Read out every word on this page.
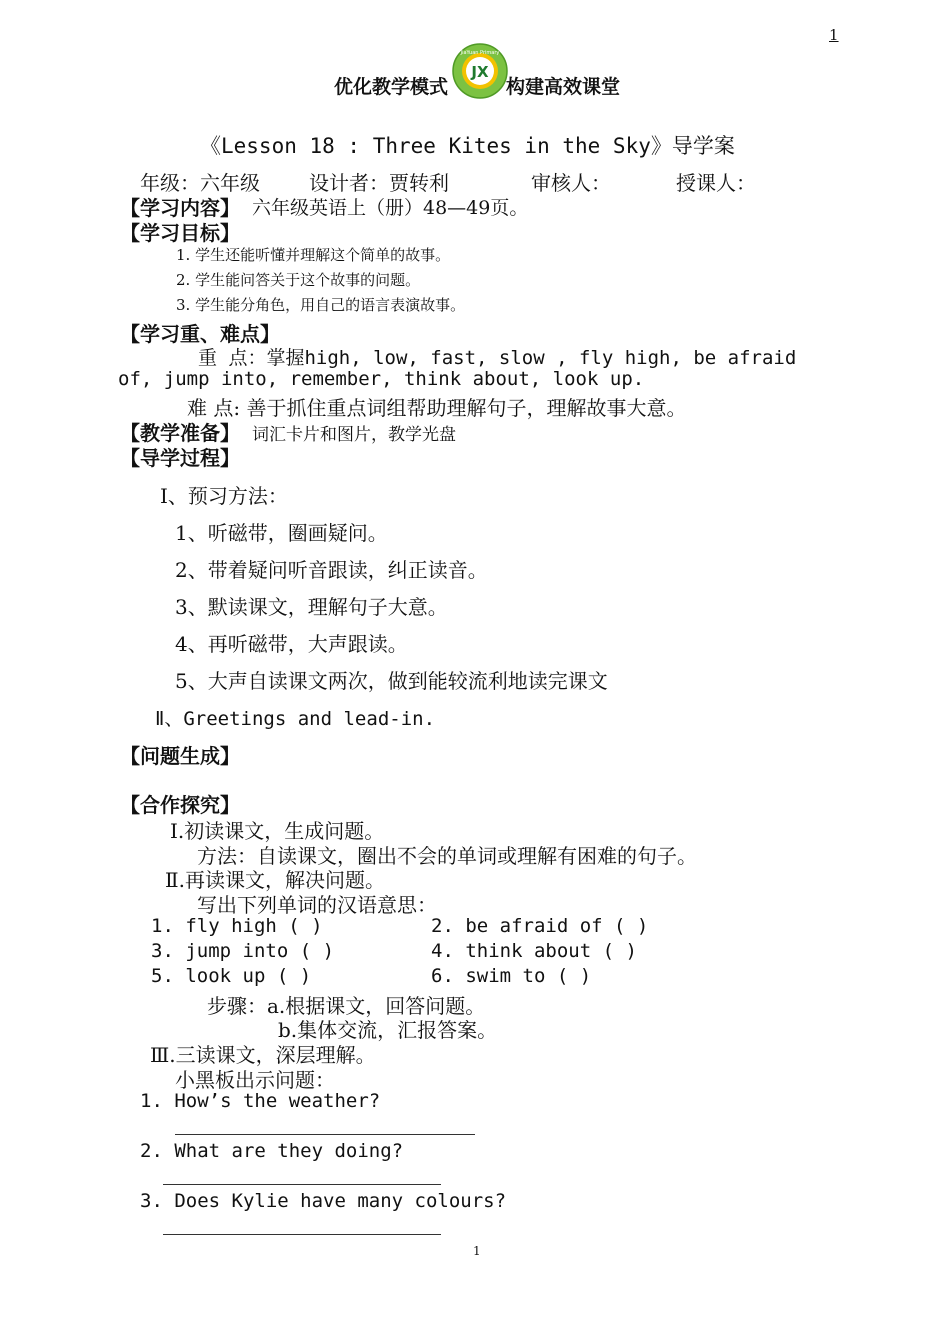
1
优化教学模式
JX
JiaYuan Primary
构建高效课堂
《Lesson 18 : Three Kites in the Sky》导学案
年级：六年级 设计者：贾转利	审核人：	授课人：
【学习内容】 六年级英语上（册）48—49页。
【学习目标】
1. 学生还能听懂并理解这个简单的故事。
2. 学生能问答关于这个故事的问题。
3. 学生能分角色，用自己的语言表演故事。
【学习重、难点】
重 点：掌握high, low, fast, slow , fly high, be afraid
of, jump into, remember, think about, look up.
难 点: 善于抓住重点词组帮助理解句子，理解故事大意。
【教学准备】 词汇卡片和图片，教学光盘
【导学过程】
Ⅰ、预习方法：
1、听磁带，圈画疑问。
2、带着疑问听音跟读，纠正读音。
3、默读课文，理解句子大意。
4、再听磁带，大声跟读。
5、大声自读课文两次，做到能较流利地读完课文
Ⅱ、Greetings and lead-in.
【问题生成】
【合作探究】
Ⅰ.初读课文，生成问题。
方法：自读课文，圈出不会的单词或理解有困难的句子。
Ⅱ.再读课文，解决问题。
写出下列单词的汉语意思：
1. fly high ( )	2. be afraid of ( )
3. jump into ( )	4. think about ( )
5. look up ( )	6. swim to ( )
步骤：a.根据课文，回答问题。
b.集体交流，汇报答案。
Ⅲ.三读课文，深层理解。
小黑板出示问题：
1. How’s the weather?
2. What are they doing?
3. Does Kylie have many colours?
1
